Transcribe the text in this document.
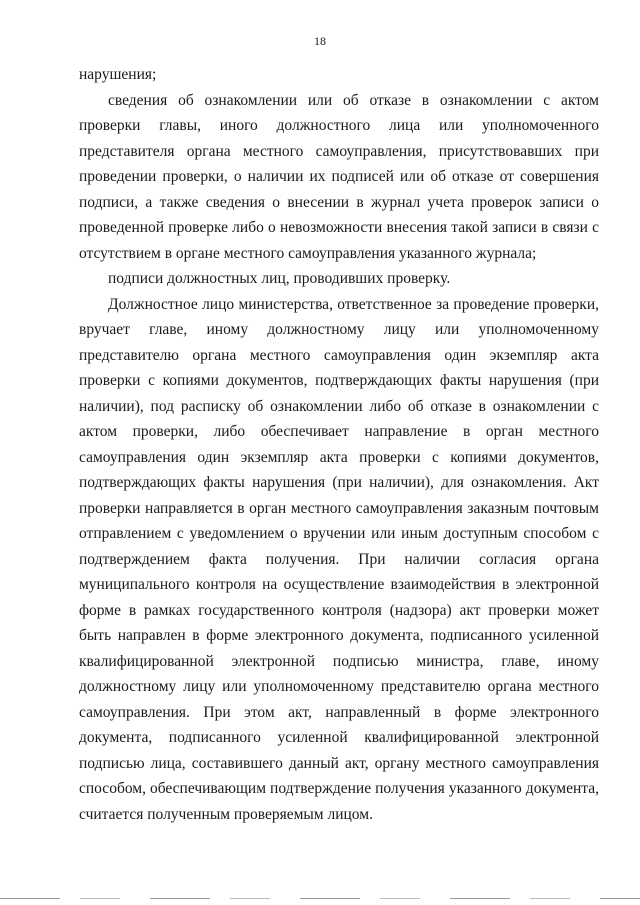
18

нарушения;

сведения об ознакомлении или об отказе в ознакомлении с актом проверки главы, иного должностного лица или уполномоченного представителя органа местного самоуправления, присутствовавших при проведении проверки, о наличии их подписей или об отказе от совершения подписи, а также сведения о внесении в журнал учета проверок записи о проведенной проверке либо о невозможности внесения такой записи в связи с отсутствием в органе местного самоуправления указанного журнала;

подписи должностных лиц, проводивших проверку.

Должностное лицо министерства, ответственное за проведение проверки, вручает главе, иному должностному лицу или уполномоченному представителю органа местного самоуправления один экземпляр акта проверки с копиями документов, подтверждающих факты нарушения (при наличии), под расписку об ознакомлении либо об отказе в ознакомлении с актом проверки, либо обеспечивает направление в орган местного самоуправления один экземпляр акта проверки с копиями документов, подтверждающих факты нарушения (при наличии), для ознакомления. Акт проверки направляется в орган местного самоуправления заказным почтовым отправлением с уведомлением о вручении или иным доступным способом с подтверждением факта получения. При наличии согласия органа муниципального контроля на осуществление взаимодействия в электронной форме в рамках государственного контроля (надзора) акт проверки может быть направлен в форме электронного документа, подписанного усиленной квалифицированной электронной подписью министра, главе, иному должностному лицу или уполномоченному представителю органа местного самоуправления. При этом акт, направленный в форме электронного документа, подписанного усиленной квалифицированной электронной подписью лица, составившего данный акт, органу местного самоуправления способом, обеспечивающим подтверждение получения указанного документа, считается полученным проверяемым лицом.
